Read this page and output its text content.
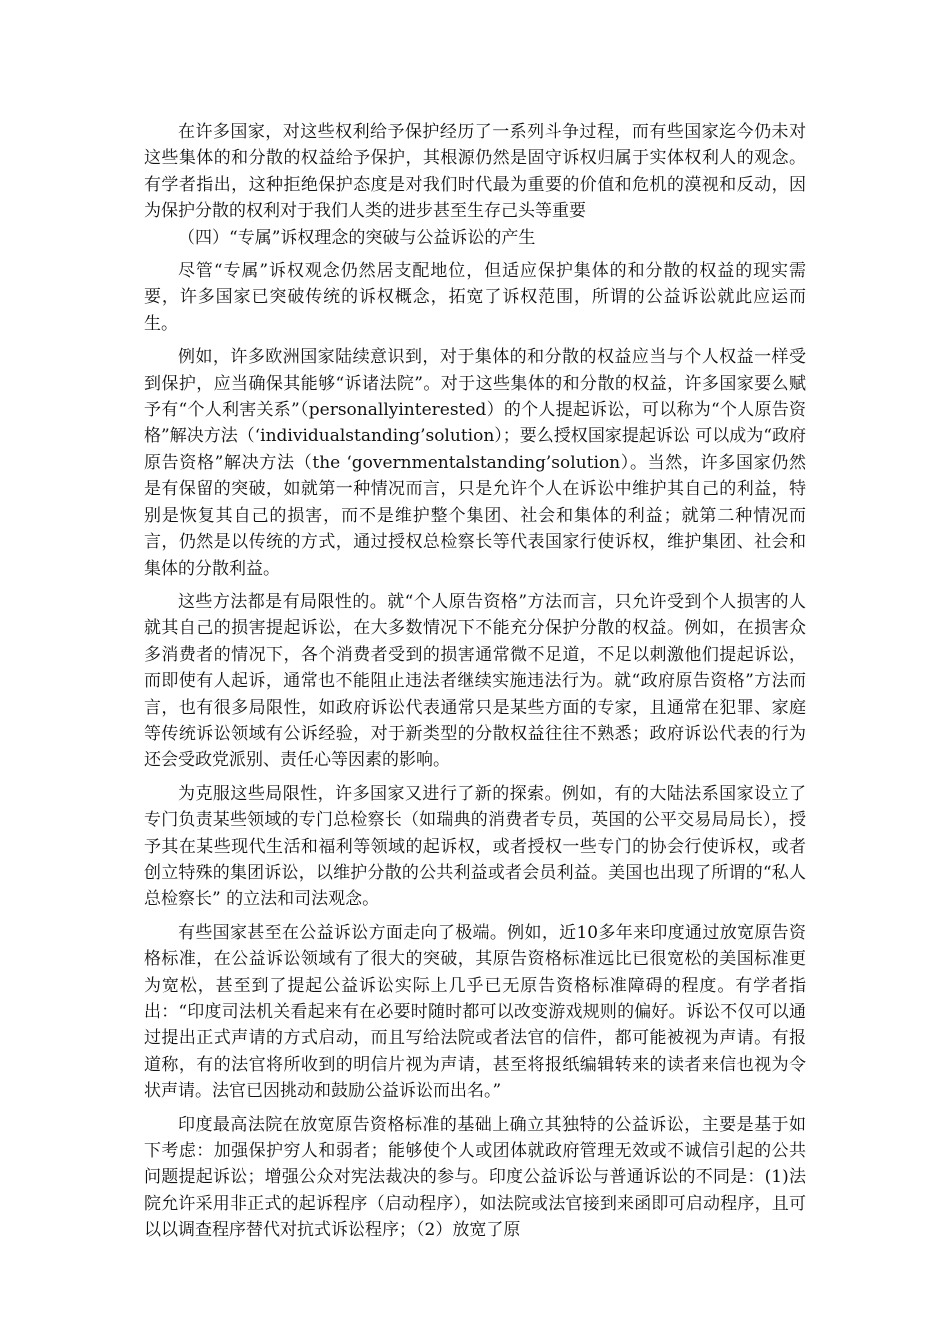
在许多国家，对这些权利给予保护经历了一系列斗争过程，而有些国家迄今仍未对这些集体的和分散的权益给予保护，其根源仍然是固守诉权归属于实体权利人的观念。有学者指出，这种拒绝保护态度是对我们时代最为重要的价值和危机的漠视和反动，因为保护分散的权利对于我们人类的进步甚至生存己头等重要

（四）“专属”诉权理念的突破与公益诉讼的产生

尽管“专属”诉权观念仍然居支配地位，但适应保护集体的和分散的权益的现实需要，许多国家已突破传统的诉权概念，拓宽了诉权范围，所谓的公益诉讼就此应运而生。

例如，许多欧洲国家陆续意识到，对于集体的和分散的权益应当与个人权益一样受到保护，应当确保其能够“诉诸法院”。对于这些集体的和分散的权益，许多国家要么赋予有“个人利害关系”（personallyinterested）的个人提起诉讼，可以称为“个人原告资格”解决方法（‘individualstanding’solution）；要么授权国家提起诉讼 可以成为“政府原告资格”解决方法（the ‘governmentalstanding’solution）。当然，许多国家仍然是有保留的突破，如就第一种情况而言，只是允许个人在诉讼中维护其自己的利益，特别是恢复其自己的损害，而不是维护整个集团、社会和集体的利益；就第二种情况而言，仍然是以传统的方式，通过授权总检察长等代表国家行使诉权，维护集团、社会和集体的分散利益。

这些方法都是有局限性的。就“个人原告资格”方法而言，只允许受到个人损害的人就其自己的损害提起诉讼，在大多数情况下不能充分保护分散的权益。例如，在损害众多消费者的情况下，各个消费者受到的损害通常微不足道，不足以刺激他们提起诉讼，而即使有人起诉，通常也不能阻止违法者继续实施违法行为。就“政府原告资格”方法而言，也有很多局限性，如政府诉讼代表通常只是某些方面的专家，且通常在犯罪、家庭等传统诉讼领域有公诉经验，对于新类型的分散权益往往不熟悉；政府诉讼代表的行为还会受政党派别、责任心等因素的影响。

为克服这些局限性，许多国家又进行了新的探索。例如，有的大陆法系国家设立了专门负责某些领域的专门总检察长（如瑞典的消费者专员，英国的公平交易局局长），授予其在某些现代生活和福利等领域的起诉权，或者授权一些专门的协会行使诉权，或者创立特殊的集团诉讼，以维护分散的公共利益或者会员利益。美国也出现了所谓的“私人总检察长” 的立法和司法观念。

有些国家甚至在公益诉讼方面走向了极端。例如，近10多年来印度通过放宽原告资格标准，在公益诉讼领域有了很大的突破，其原告资格标准远比已很宽松的美国标准更为宽松，甚至到了提起公益诉讼实际上几乎已无原告资格标准障碍的程度。有学者指出：“印度司法机关看起来有在必要时随时都可以改变游戏规则的偏好。诉讼不仅可以通过提出正式声请的方式启动，而且写给法院或者法官的信件，都可能被视为声请。有报道称，有的法官将所收到的明信片视为声请，甚至将报纸编辑转来的读者来信也视为令状声请。法官已因挑动和鼓励公益诉讼而出名。”

印度最高法院在放宽原告资格标准的基础上确立其独特的公益诉讼，主要是基于如下考虑：加强保护穷人和弱者；能够使个人或团体就政府管理无效或不诚信引起的公共问题提起诉讼；增强公众对宪法裁决的参与。印度公益诉讼与普通诉讼的不同是：(1)法院允许采用非正式的起诉程序（启动程序），如法院或法官接到来函即可启动程序，且可以以调查程序替代对抗式诉讼程序；（2）放宽了原
